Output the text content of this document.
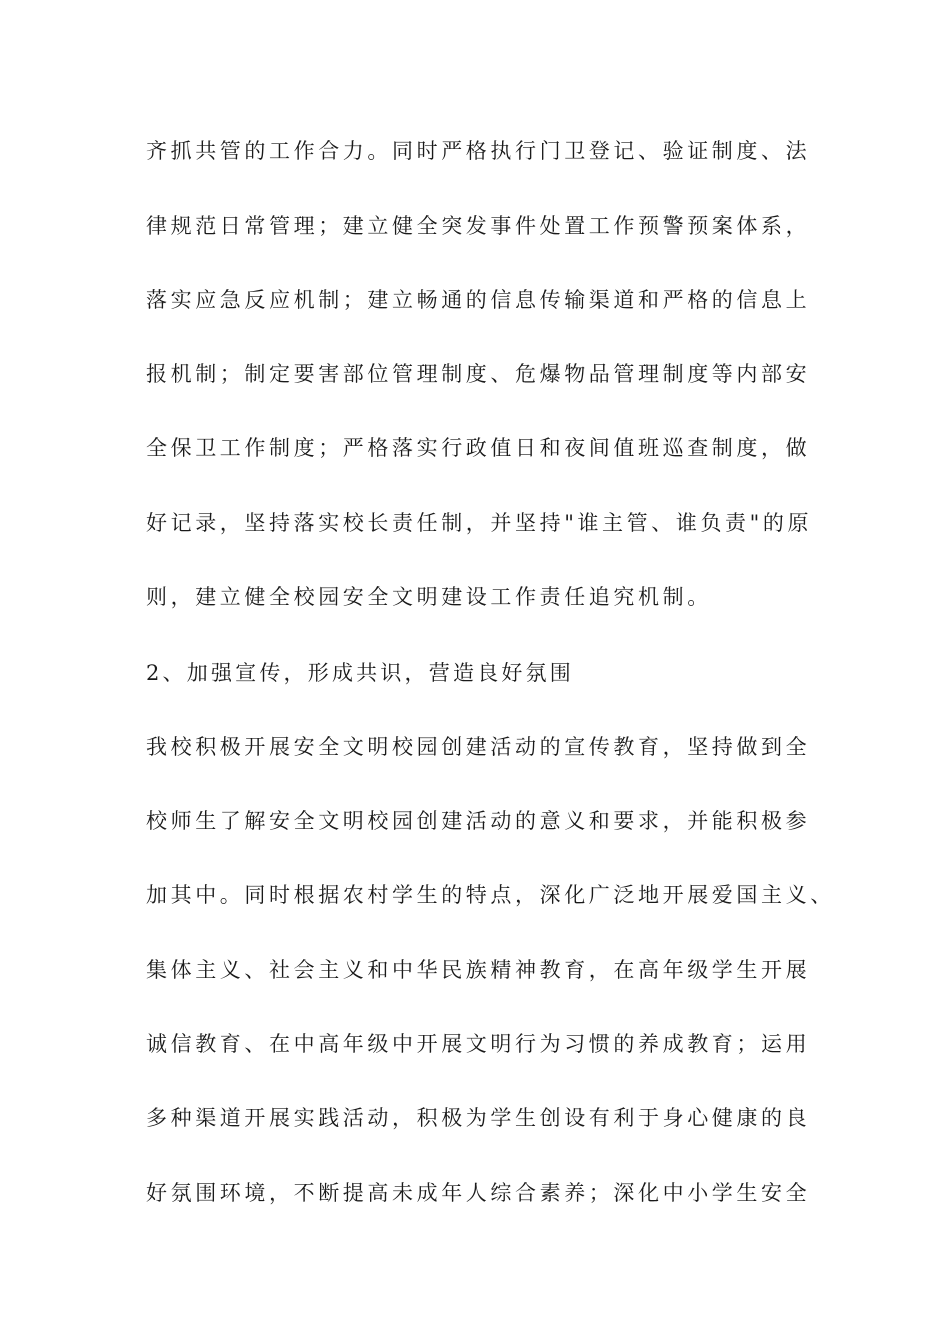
齐抓共管的工作合力。同时严格执行门卫登记、验证制度、法
律规范日常管理；建立健全突发事件处置工作预警预案体系，
落实应急反应机制；建立畅通的信息传输渠道和严格的信息上
报机制；制定要害部位管理制度、危爆物品管理制度等内部安
全保卫工作制度；严格落实行政值日和夜间值班巡查制度，做
好记录，坚持落实校长责任制，并坚持"谁主管、谁负责"的原
则，建立健全校园安全文明建设工作责任追究机制。
2、加强宣传，形成共识，营造良好氛围
我校积极开展安全文明校园创建活动的宣传教育，坚持做到全
校师生了解安全文明校园创建活动的意义和要求，并能积极参
加其中。同时根据农村学生的特点，深化广泛地开展爱国主义、
集体主义、社会主义和中华民族精神教育，在高年级学生开展
诚信教育、在中高年级中开展文明行为习惯的养成教育；运用
多种渠道开展实践活动，积极为学生创设有利于身心健康的良
好氛围环境，不断提高未成年人综合素养；深化中小学生安全
